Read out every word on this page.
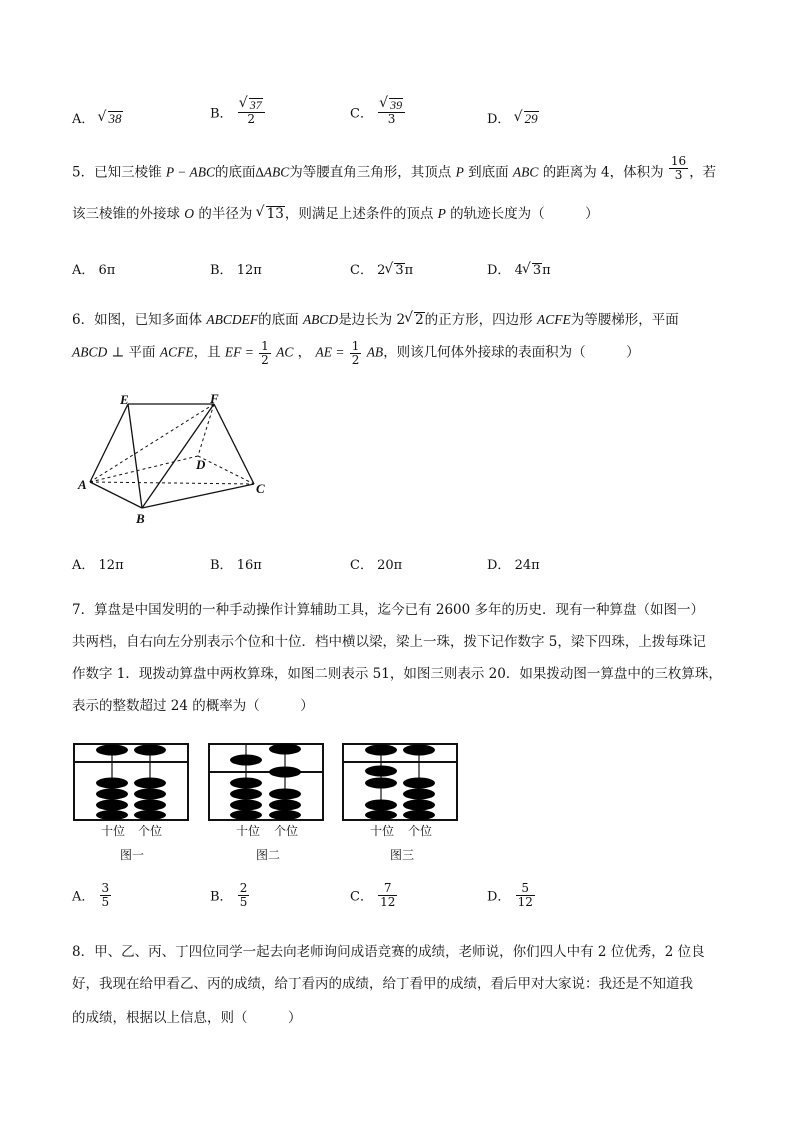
A． √ 38	B． √ $\frac{37}{2}$	C． √ $\frac{39}{3}$	D． √ 29
5．已知三棱锥 P − ABC的底面∆ABC为等腰直角三角形，其顶点 P 到底面 ABC 的距离为 4，体积为 $\frac{16}{3}$ ，若
该三棱锥的外接球 O 的半径为 √ 13，则满足上述条件的顶点 P 的轨迹长度为（　　　）
A． 6π	B． 12π	C． 2 √ 3π	D． 4 √ 3π
6．如图，已知多面体 ABCDEF的底面 ABCD是边长为 2 √ 2的正方形，四边形 ACFE为等腰梯形，平面
ABCD ⊥ 平面 ACFE，且 EF = $\frac{1}{2}$ AC ， AE = $\frac{1}{2}$ AB，则该几何体外接球的表面积为（　　　）
E	F
D
A	C
B
A． 12π	B． 16π	C． 20π	D． 24π
7．算盘是中国发明的一种手动操作计算辅助工具，迄今已有 2600 多年的历史．现有一种算盘（如图一）
共两档，自右向左分别表示个位和十位．档中横以梁，梁上一珠，拨下记作数字 5，梁下四珠，上拨每珠记
作数字 1．现拨动算盘中两枚算珠，如图二则表示 51，如图三则表示 20．如果拨动图一算盘中的三枚算珠，
表示的整数超过 24 的概率为（　　　）
十位 个位
图一
十位 个位
图二
十位 个位
图三
A． $\frac{3}{5}$	B． $\frac{2}{5}$	C． $\frac{7}{12}$	D． $\frac{5}{12}$
8．甲、乙、丙、丁四位同学一起去向老师询问成语竞赛的成绩，老师说，你们四人中有 2 位优秀，2 位良
好，我现在给甲看乙、丙的成绩，给丁看丙的成绩，给丁看甲的成绩，看后甲对大家说：我还是不知道我
的成绩，根据以上信息，则（　　　）
